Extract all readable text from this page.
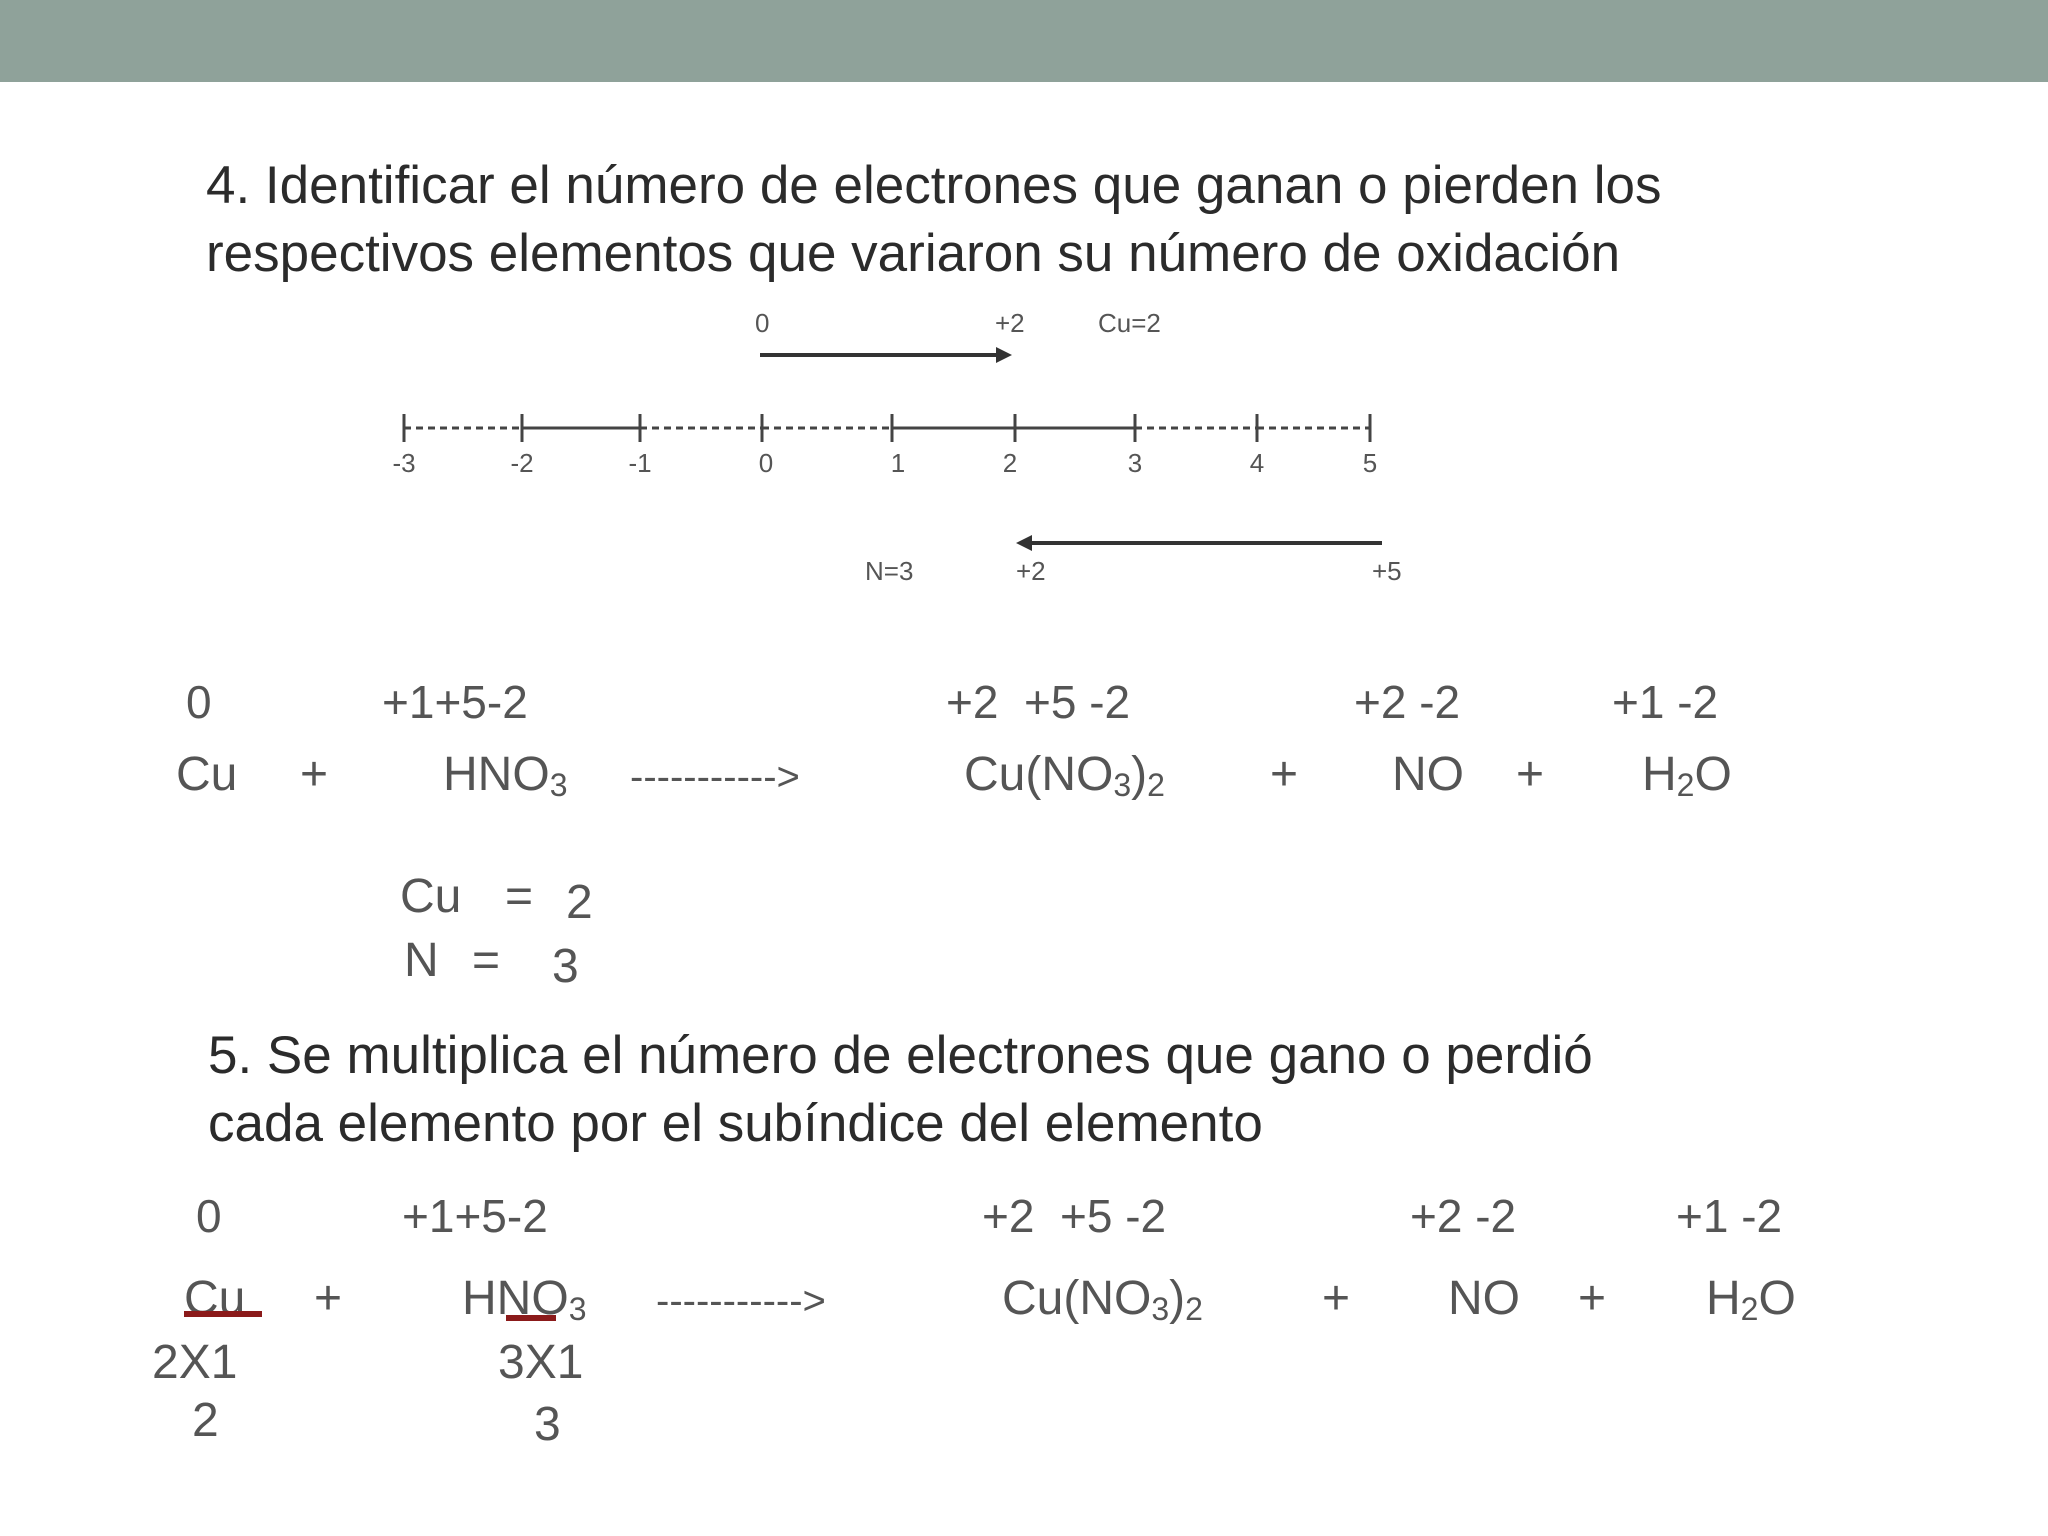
4. Identificar el número de electrones que ganan o pierden los
respectivos elementos que variaron su número de oxidación
-3	-2	-1	0	1	2	3	4	5
0	+2	Cu=2
N=3	+2	+5
0	+1+5-2	+2  +5 -2	+2 -2	+1 -2
Cu + HNO3 ----------->	Cu(NO3)2 + NO + H2O
Cu = 2
N = 3
0	+1+5-2	+2  +5 -2	+2 -2	+1 -2
Cu + HNO3 ----------->	Cu(NO3)2 + NO + H2O
2X1
2
3X1
3
5. Se multiplica el número de electrones que gano o perdió
cada elemento por el subíndice del elemento
